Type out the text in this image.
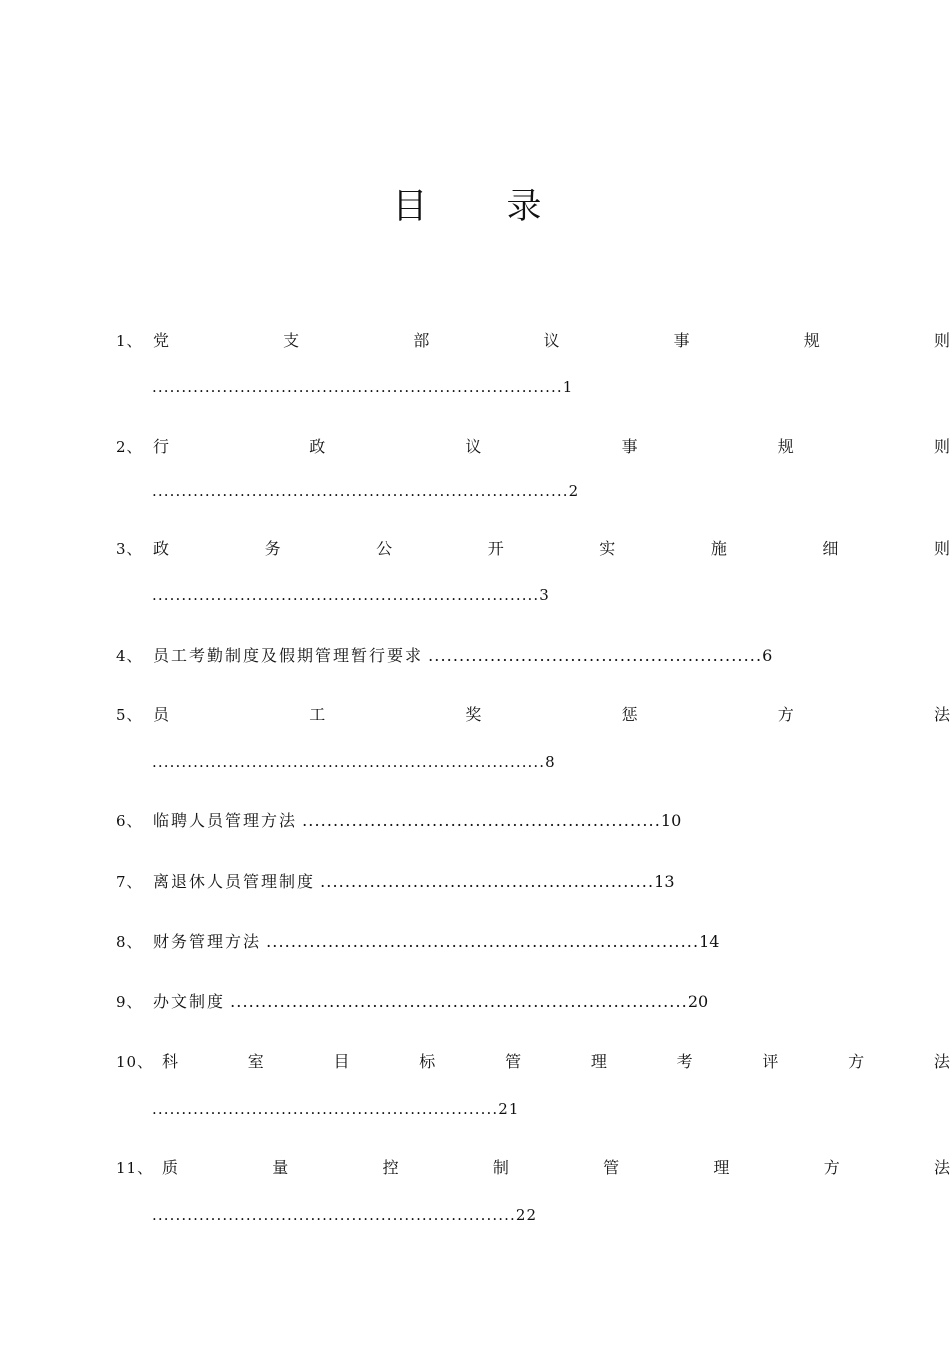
目 录
1、 党	支	部	议	事	规	则
......................................................................1
2、 行	政	议	事	规	则
.......................................................................2
3、 政	务	公	开	实	施	细	则
..................................................................3
4、 员工考勤制度及假期管理暂行要求 ......................................................6
5、 员	工	奖	惩	方	法
...................................................................8
6、 临聘人员管理方法 ..........................................................10
7、 离退休人员管理制度 ......................................................13
8、 财务管理方法 ......................................................................14
9、 办文制度 ..........................................................................20
10、 科	室	目	标	管	理	考	评	方	法
...........................................................21
11、 质	量	控	制	管	理	方	法
..............................................................22
